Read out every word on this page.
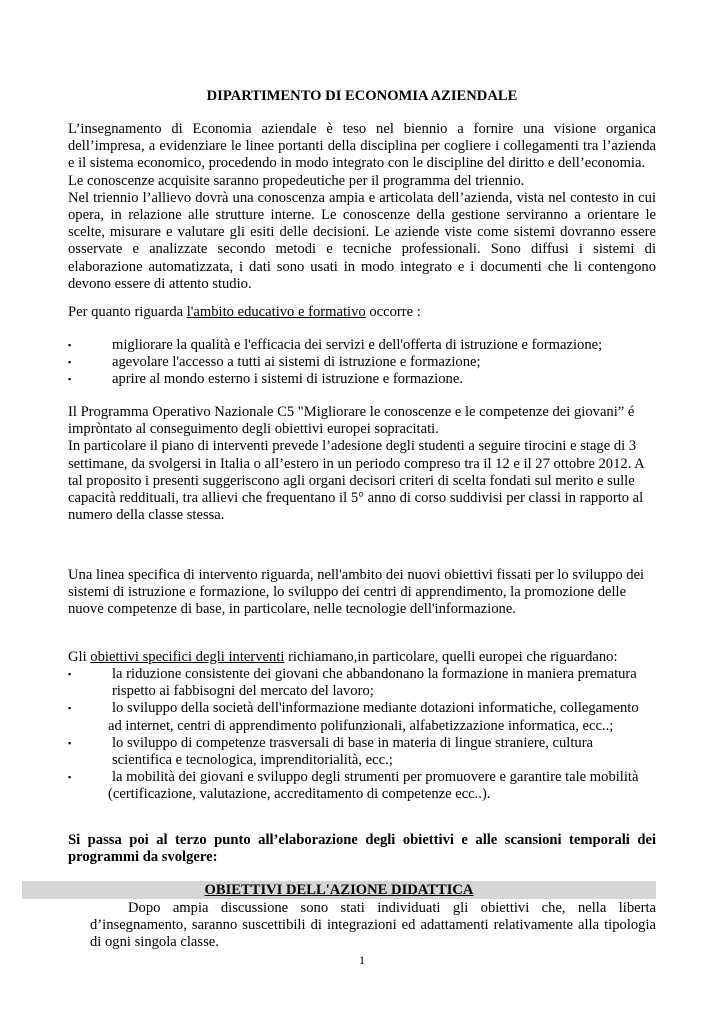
DIPARTIMENTO DI ECONOMIA AZIENDALE

L’insegnamento di Economia aziendale è teso nel biennio a fornire una visione organica dell’impresa, a evidenziare le linee portanti della disciplina per cogliere i collegamenti tra l’azienda e il sistema economico, procedendo in modo integrato con le discipline del diritto e dell’economia.

Le conoscenze acquisite saranno propedeutiche per il programma del triennio.

Nel triennio l’allievo dovrà una conoscenza ampia e articolata dell’azienda, vista nel contesto in cui opera, in relazione alle strutture interne. Le conoscenze della gestione serviranno a orientare le scelte, misurare e valutare gli esiti delle decisioni. Le aziende viste come sistemi dovranno essere osservate e analizzate secondo metodi e tecniche professionali. Sono diffusi i sistemi di elaborazione automatizzata, i dati sono usati in modo integrato e i documenti che li contengono devono essere di attento studio.

Per quanto riguarda l'ambito educativo e formativo occorre :

▪	migliorare la qualità e l'efficacia dei servizi e dell'offerta di istruzione e formazione;

▪	agevolare l'accesso a tutti ai sistemi di istruzione e formazione;

▪	aprire al mondo esterno i sistemi di istruzione e formazione.

Il Programma Operativo Nazionale C5 "Migliorare le conoscenze e le competenze dei giovani” é impròntato al conseguimento degli obiettivi europei sopracitati.

In particolare il piano di interventi prevede l’adesione degli studenti a seguire tirocini e stage di 3 settimane, da svolgersi in Italia o all’estero in un periodo compreso tra il 12 e il 27 ottobre 2012. A tal proposito i presenti suggeriscono agli organi decisori criteri di scelta fondati sul merito e sulle capacità reddituali, tra allievi che frequentano il 5° anno di corso suddivisi per classi in rapporto al numero della classe stessa.

Una linea specifica di intervento riguarda, nell'ambito dei nuovi obiettivi fissati per lo sviluppo dei sistemi di istruzione e formazione, lo sviluppo dei centri di apprendimento, la promozione delle nuove competenze di base, in particolare, nelle tecnologie dell'informazione.
Gli obiettivi specifici degli interventi richiamano,in particolare, quelli europei che riguardano:

▪	la riduzione consistente dei giovani che abbandonano la formazione in maniera prematura
rispetto ai fabbisogni del mercato del lavoro;

▪	lo sviluppo della società dell'informazione mediante dotazioni informatiche, collegamento
ad internet, centri di apprendimento polifunzionali, alfabetizzazione informatica, ecc..;

▪	lo sviluppo di competenze trasversali di base in materia di lingue straniere, cultura
scientifica e tecnologica, imprenditorialità, ecc.;

▪	la mobilità dei giovani e sviluppo degli strumenti per promuovere e garantire tale mobilità
(certificazione, valutazione, accreditamento di competenze ecc..).

Si passa poi al terzo punto all’elaborazione degli obiettivi e alle scansioni temporali dei programmi da svolgere:
OBIETTIVI DELL'AZIONE DIDATTICA
Dopo ampia discussione sono stati individuati gli obiettivi che, nella liberta d’insegnamento, saranno suscettibili di integrazioni ed adattamenti relativamente alla tipologia di ogni singola classe.
1
